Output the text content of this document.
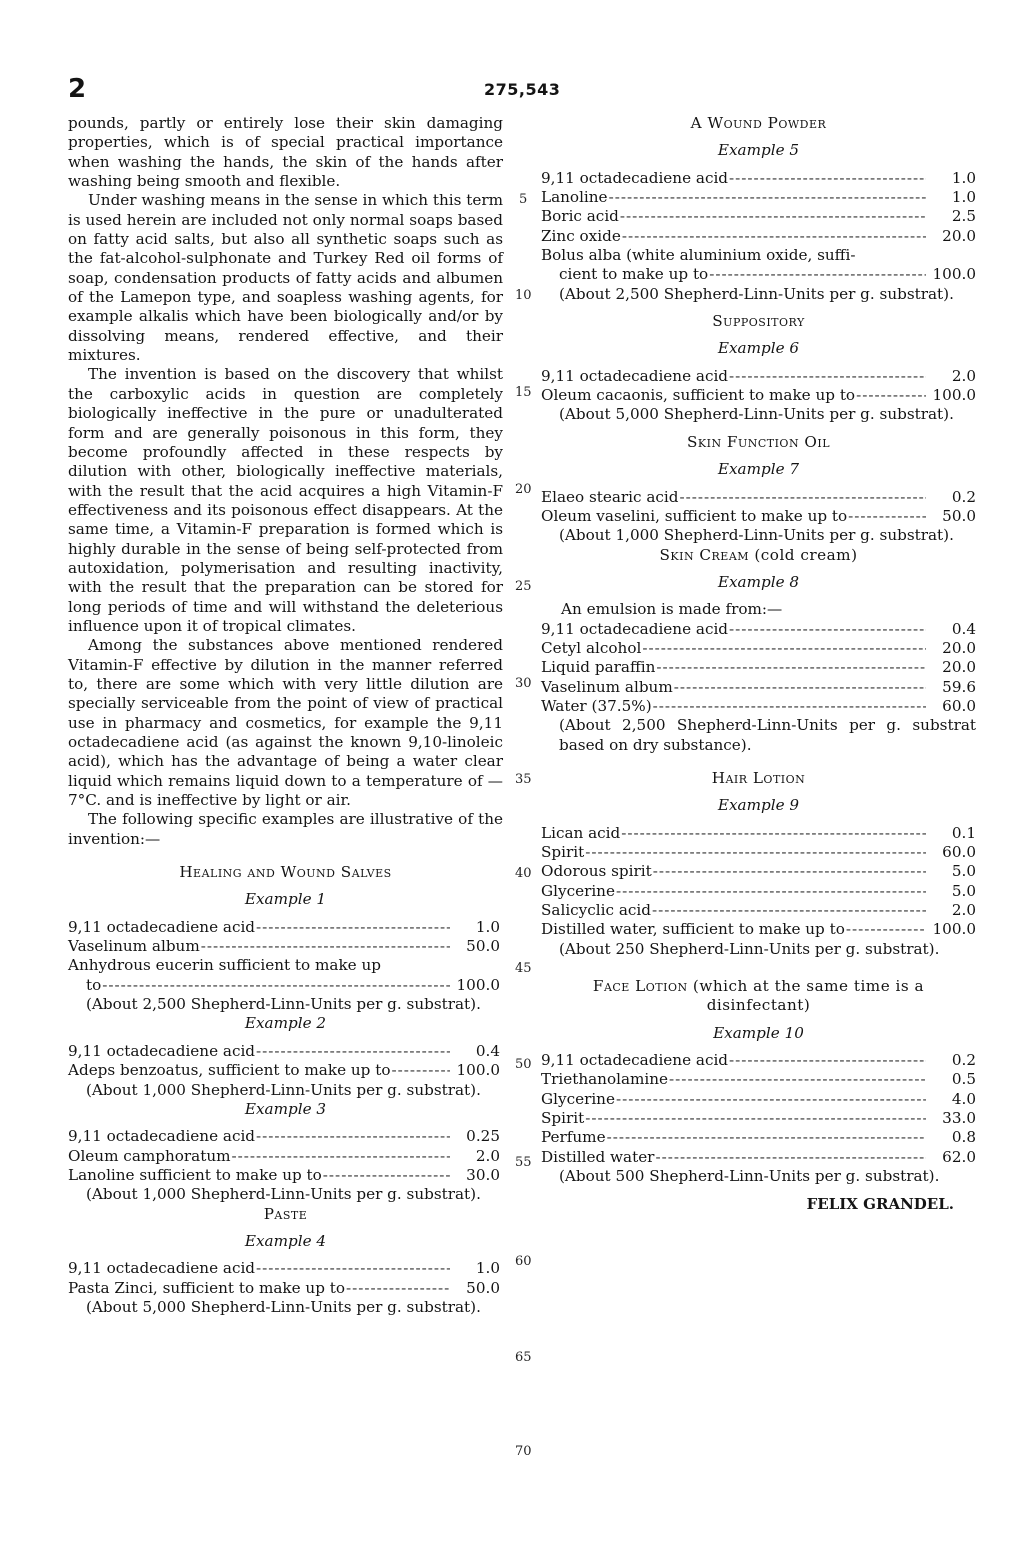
2	275,543
5
10
15
20
25
30
35
40
45
50
55
60
65
70

pounds, partly or entirely lose their skin damaging properties, which is of special practical importance when washing the hands, the skin of the hands after washing being smooth and flexible.

Under washing means in the sense in which this term is used herein are included not only normal soaps based on fatty acid salts, but also all synthetic soaps such as the fat-alcohol-sulphonate and Turkey Red oil forms of soap, condensation products of fatty acids and albumen of the Lamepon type, and soapless washing agents, for example alkalis which have been biologically and/or by dissolving means, rendered effective, and their mixtures.

The invention is based on the discovery that whilst the carboxylic acids in question are completely biologically ineffective in the pure or unadulterated form and are generally poisonous in this form, they become profoundly affected in these respects by dilution with other, biologically ineffective materials, with the result that the acid acquires a high Vitamin-F effectiveness and its poisonous effect disappears. At the same time, a Vitamin-F preparation is formed which is highly durable in the sense of being self-protected from autoxidation, polymerisation and resulting inactivity, with the result that the preparation can be stored for long periods of time and will withstand the deleterious influence upon it of tropical climates.

Among the substances above mentioned rendered Vitamin-F effective by dilution in the manner referred to, there are some which with very little dilution are specially serviceable from the point of view of practical use in pharmacy and cosmetics, for example the 9,11 octadecadiene acid (as against the known 9,10-linoleic acid), which has the advantage of being a water clear liquid which remains liquid down to a temperature of —7°C. and is ineffective by light or air.

The following specific examples are illustrative of the invention:—

Healing and Wound Salves

Example 1

9,11 octadecadiene acid -----	1.0
Vaselinum album -----	50.0
Anhydrous eucerin sufficient to make up
to -----	100.0

(About 2,500 Shepherd-Linn-Units per g. substrat).

Example 2

9,11 octadecadiene acid -----	0.4
Adeps benzoatus, sufficient to make up to -----	100.0

(About 1,000 Shepherd-Linn-Units per g. substrat).

Example 3

9,11 octadecadiene acid -----	0.25
Oleum camphoratum -----	2.0
Lanoline sufficient to make up to -----	30.0

(About 1,000 Shepherd-Linn-Units per g. substrat).

Paste

Example 4

9,11 octadecadiene acid -----	1.0
Pasta Zinci, sufficient to make up to -----	50.0

(About 5,000 Shepherd-Linn-Units per g. substrat).

A Wound Powder

Example 5

9,11 octadecadiene acid -----	1.0
Lanoline -----	1.0
Boric acid -----	2.5
Zinc oxide -----	20.0
Bolus alba (white aluminium oxide, suffi-
cient to make up to -----	100.0

(About 2,500 Shepherd-Linn-Units per g. substrat).

Suppository

Example 6

9,11 octadecadiene acid -----	2.0
Oleum cacaonis, sufficient to make up to -----	100.0

(About 5,000 Shepherd-Linn-Units per g. substrat).

Skin Function Oil

Example 7

Elaeo stearic acid -----	0.2
Oleum vaselini, sufficient to make up to -----	50.0

(About 1,000 Shepherd-Linn-Units per g. substrat).

Skin Cream (cold cream)

Example 8

An emulsion is made from:—

9,11 octadecadiene acid -----	0.4
Cetyl alcohol -----	20.0
Liquid paraffin -----	20.0
Vaselinum album -----	59.6
Water (37.5%) -----	60.0

(About 2,500 Shepherd-Linn-Units per g. substrat based on dry substance).

Hair Lotion

Example 9

Lican acid -----	0.1
Spirit -----	60.0
Odorous spirit -----	5.0
Glycerine -----	5.0
Salicyclic acid -----	2.0
Distilled water, sufficient to make up to -----	100.0

(About 250 Shepherd-Linn-Units per g. substrat).

Face Lotion (which at the same time is a disinfectant)

Example 10

9,11 octadecadiene acid -----	0.2
Triethanolamine -----	0.5
Glycerine -----	4.0
Spirit -----	33.0
Perfume -----	0.8
Distilled water -----	62.0

(About 500 Shepherd-Linn-Units per g. substrat).

FELIX GRANDEL.
